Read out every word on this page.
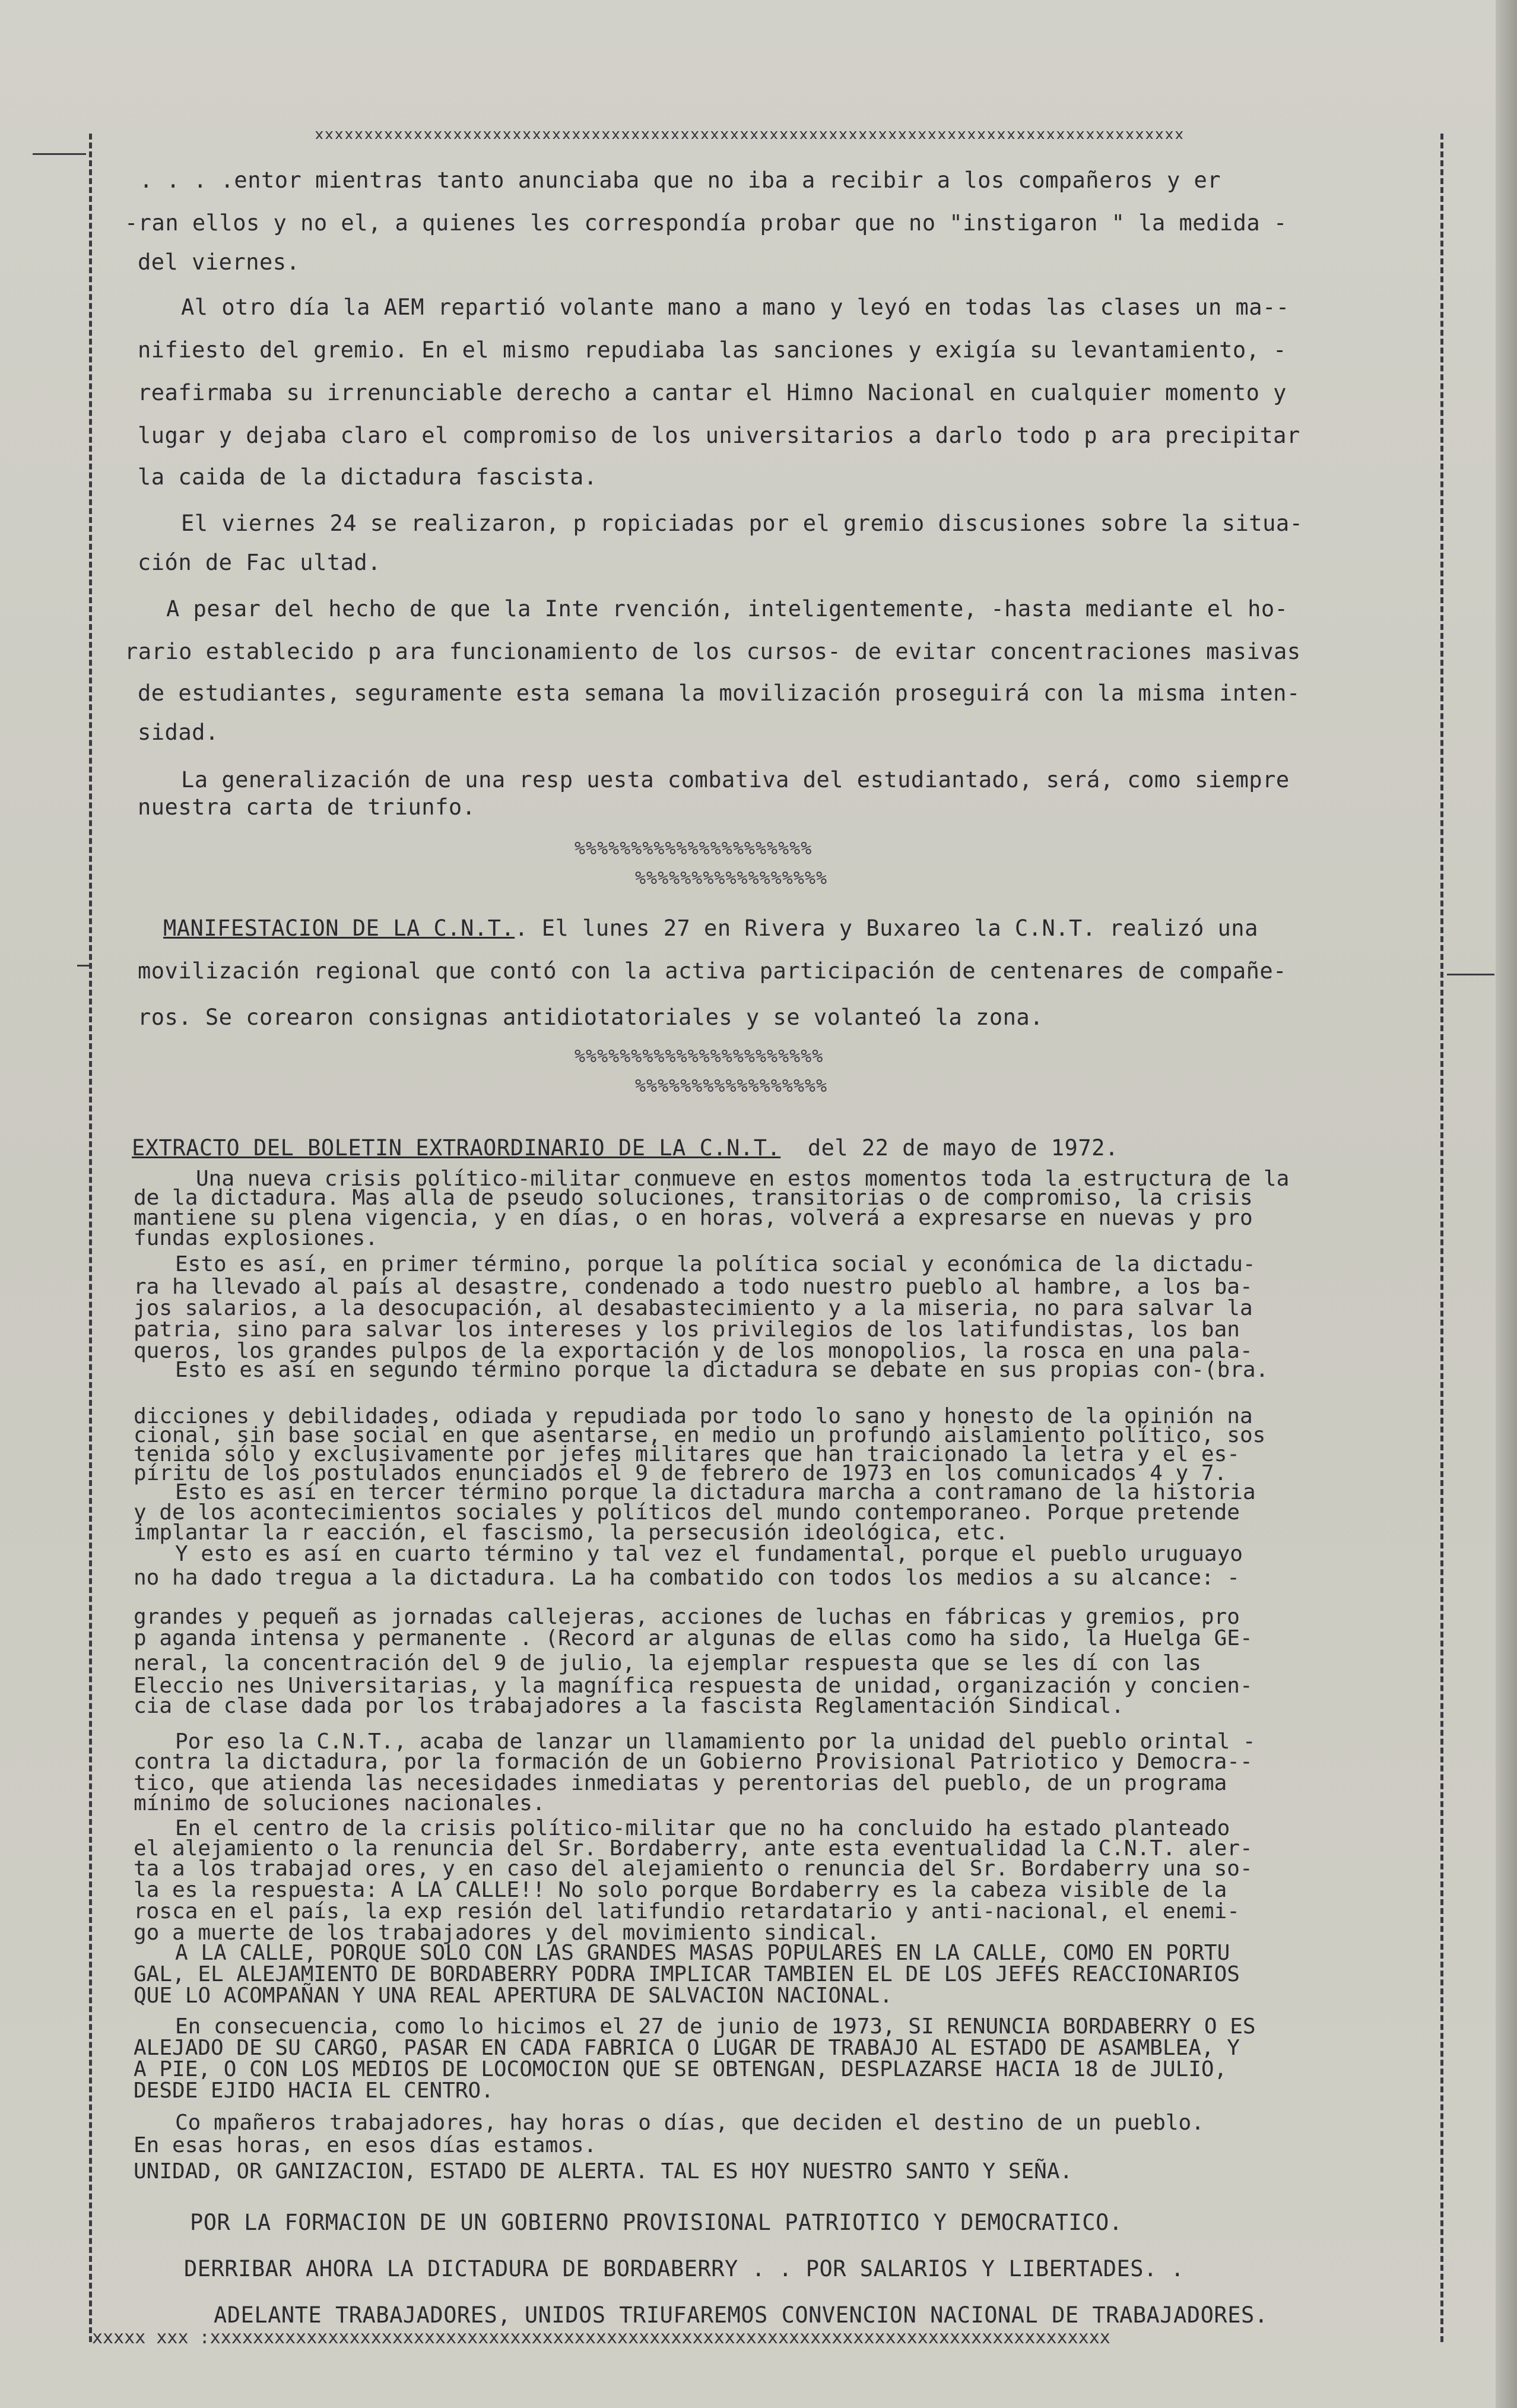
xxxxxxxxxxxxxxxxxxxxxxxxxxxxxxxxxxxxxxxxxxxxxxxxxxxxxxxxxxxxxxxxxxxxxxxxxxxxxxxxxxxxxxxx
xxxxx xxx :xxxxxxxxxxxxxxxxxxxxxxxxxxxxxxxxxxxxxxxxxxxxxxxxxxxxxxxxxxxxxxxxxxxxxxxxxxxxxxxxxxxx
. . . .entor mientras tanto anunciaba que no iba a recibir a los compañeros y er
-ran ellos y no el, a quienes les correspondía probar que no "instigaron " la medida -
del viernes.
Al otro día la AEM repartió volante mano a mano y leyó en todas las clases un ma--
nifiesto del gremio. En el mismo repudiaba las sanciones y exigía su levantamiento, -
reafirmaba su irrenunciable derecho a cantar el Himno Nacional en cualquier momento y
lugar y dejaba claro el compromiso de los universitarios a darlo todo p ara precipitar
la caida de la dictadura fascista.
El viernes 24 se realizaron, p ropiciadas por el gremio discusiones sobre la situa-
ción de Fac ultad.
A pesar del hecho de que la Inte rvención, inteligentemente, -hasta mediante el ho-
rario establecido p ara funcionamiento de los cursos- de evitar concentraciones masivas
de estudiantes, seguramente esta semana la movilización proseguirá con la misma inten-
sidad.
La generalización de una resp uesta combativa del estudiantado, será, como siempre
nuestra carta de triunfo.
%%%%%%%%%%%%%%%%%%%%%
%%%%%%%%%%%%%%%%%
MANIFESTACION DE LA C.N.T.. El lunes 27 en Rivera y Buxareo la C.N.T. realizó una
movilización regional que contó con la activa participación de centenares de compañe-
ros. Se corearon consignas antidiotatoriales y se volanteó la zona.
%%%%%%%%%%%%%%%%%%%%%%
%%%%%%%%%%%%%%%%%
EXTRACTO DEL BOLETIN EXTRAORDINARIO DE LA C.N.T. del 22 de mayo de 1972.
Una nueva crisis político-militar conmueve en estos momentos toda la estructura de la
de la dictadura. Mas alla de pseudo soluciones, transitorias o de compromiso, la crisis
mantiene su plena vigencia, y en días, o en horas, volverá a expresarse en nuevas y pro
fundas explosiones.
Esto es así, en primer término, porque la política social y económica de la dictadu-
ra ha llevado al país al desastre, condenado a todo nuestro pueblo al hambre, a los ba-
jos salarios, a la desocupación, al desabastecimiento y a la miseria, no para salvar la
patria, sino para salvar los intereses y los privilegios de los latifundistas, los ban
queros, los grandes pulpos de la exportación y de los monopolios, la rosca en una pala-
Esto es así en segundo término porque la dictadura se debate en sus propias con-(bra.
dicciones y debilidades, odiada y repudiada por todo lo sano y honesto de la opinión na
cional, sin base social en que asentarse, en medio un profundo aislamiento político, sos
tenida sólo y exclusivamente por jefes militares que han traicionado la letra y el es-
píritu de los postulados enunciados el 9 de febrero de 1973 en los comunicados 4 y 7.
Esto es así en tercer término porque la dictadura marcha a contramano de la historia
y de los acontecimientos sociales y políticos del mundo contemporaneo. Porque pretende
implantar la r eacción, el fascismo, la persecusión ideológica, etc.
Y esto es así en cuarto término y tal vez el fundamental, porque el pueblo uruguayo
no ha dado tregua a la dictadura. La ha combatido con todos los medios a su alcance: -
grandes y pequeñ as jornadas callejeras, acciones de luchas en fábricas y gremios, pro
p aganda intensa y permanente . (Record ar algunas de ellas como ha sido, la Huelga GE-
neral, la concentración del 9 de julio, la ejemplar respuesta que se les dí con las
Eleccio nes Universitarias, y la magnífica respuesta de unidad, organización y concien-
cia de clase dada por los trabajadores a la fascista Reglamentación Sindical.
Por eso la C.N.T., acaba de lanzar un llamamiento por la unidad del pueblo orintal -
contra la dictadura, por la formación de un Gobierno Provisional Patriotico y Democra--
tico, que atienda las necesidades inmediatas y perentorias del pueblo, de un programa
mínimo de soluciones nacionales.
En el centro de la crisis político-militar que no ha concluido ha estado planteado
el alejamiento o la renuncia del Sr. Bordaberry, ante esta eventualidad la C.N.T. aler-
ta a los trabajad ores, y en caso del alejamiento o renuncia del Sr. Bordaberry una so-
la es la respuesta: A LA CALLE!! No solo porque Bordaberry es la cabeza visible de la
rosca en el país, la exp resión del latifundio retardatario y anti-nacional, el enemi-
go a muerte de los trabajadores y del movimiento sindical.
A LA CALLE, PORQUE SOLO CON LAS GRANDES MASAS POPULARES EN LA CALLE, COMO EN PORTU
GAL, EL ALEJAMIENTO DE BORDABERRY PODRA IMPLICAR TAMBIEN EL DE LOS JEFES REACCIONARIOS
QUE LO ACOMPAÑAN Y UNA REAL APERTURA DE SALVACION NACIONAL.
En consecuencia, como lo hicimos el 27 de junio de 1973, SI RENUNCIA BORDABERRY O ES
ALEJADO DE SU CARGO, PASAR EN CADA FABRICA O LUGAR DE TRABAJO AL ESTADO DE ASAMBLEA, Y
A PIE, O CON LOS MEDIOS DE LOCOMOCION QUE SE OBTENGAN, DESPLAZARSE HACIA 18 de JULIO,
DESDE EJIDO HACIA EL CENTRO.
Co mpañeros trabajadores, hay horas o días, que deciden el destino de un pueblo.
En esas horas, en esos días estamos.
UNIDAD, OR GANIZACION, ESTADO DE ALERTA. TAL ES HOY NUESTRO SANTO Y SEÑA.
POR LA FORMACION DE UN GOBIERNO PROVISIONAL PATRIOTICO Y DEMOCRATICO.
DERRIBAR AHORA LA DICTADURA DE BORDABERRY . . POR SALARIOS Y LIBERTADES. .
ADELANTE TRABAJADORES, UNIDOS TRIUFAREMOS CONVENCION NACIONAL DE TRABAJADORES.
